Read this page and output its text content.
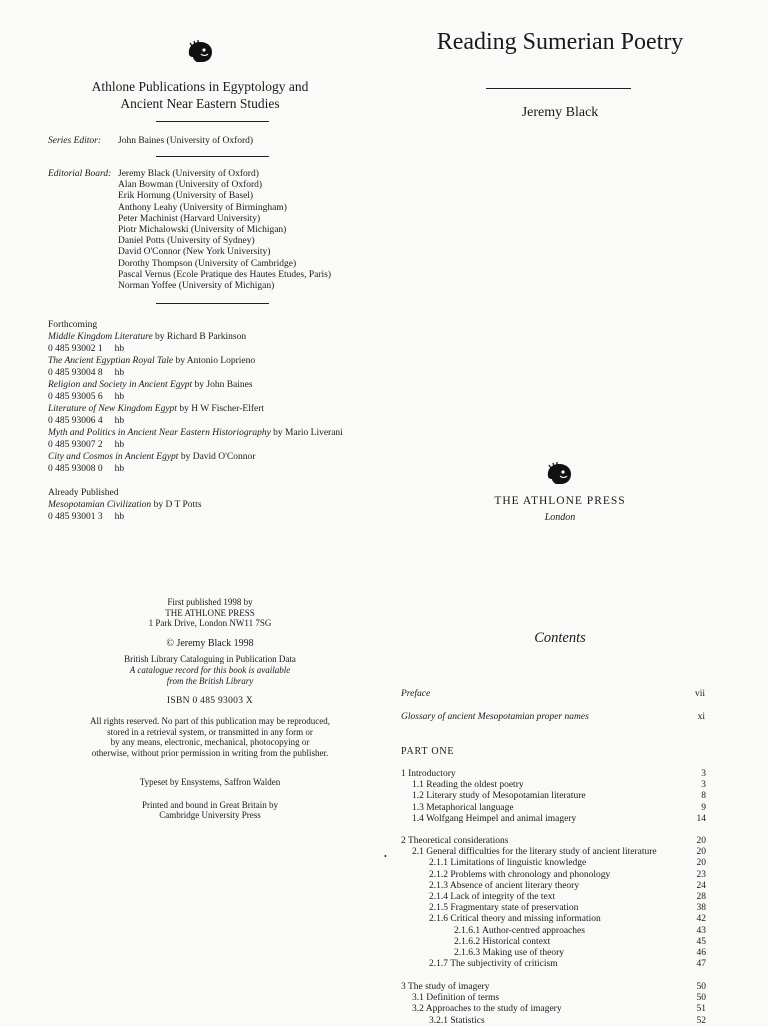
Athlone Publications in Egyptology and
Ancient Near Eastern Studies
Series Editor: John Baines (University of Oxford)
Editorial Board: Jeremy Black (University of Oxford)
Alan Bowman (University of Oxford)
Erik Hornung (University of Basel)
Anthony Leahy (University of Birmingham)
Peter Machinist (Harvard University)
Piotr Michalowski (University of Michigan)
Daniel Potts (University of Sydney)
David O'Connor (New York University)
Dorothy Thompson (University of Cambridge)
Pascal Vernus (Ecole Pratique des Hautes Etudes, Paris)
Norman Yoffee (University of Michigan)
Forthcoming
Middle Kingdom Literature by Richard B Parkinson
0 485 93002 1 hb
The Ancient Egyptian Royal Tale by Antonio Loprieno
0 485 93004 8 hb
Religion and Society in Ancient Egypt by John Baines
0 485 93005 6 hb
Literature of New Kingdom Egypt by H W Fischer-Elfert
0 485 93006 4 hb
Myth and Politics in Ancient Near Eastern Historiography by Mario Liverani
0 485 93007 2 hb
City and Cosmos in Ancient Egypt by David O'Connor
0 485 93008 0 hb
Already Published
Mesopotamian Civilization by D T Potts
0 485 93001 3 hb
First published 1998 by
THE ATHLONE PRESS
1 Park Drive, London NW11 7SG
© Jeremy Black 1998
British Library Cataloguing in Publication Data
A catalogue record for this book is available
from the British Library
ISBN 0 485 93003 X
All rights reserved. No part of this publication may be reproduced,
stored in a retrieval system, or transmitted in any form or
by any means, electronic, mechanical, photocopying or
otherwise, without prior permission in writing from the publisher.
Typeset by Ensystems, Saffron Walden
Printed and bound in Great Britain by
Cambridge University Press
Reading Sumerian Poetry
Jeremy Black
THE ATHLONE PRESS
London
Contents
Preface	vii
Glossary of ancient Mesopotamian proper names	xi
PART ONE
1 Introductory	3
1.1 Reading the oldest poetry	3
1.2 Literary study of Mesopotamian literature	8
1.3 Metaphorical language	9
1.4 Wolfgang Heimpel and animal imagery	14
•
2 Theoretical considerations	20
2.1 General difficulties for the literary study of ancient literature	20
2.1.1 Limitations of linguistic knowledge	20
2.1.2 Problems with chronology and phonology	23
2.1.3 Absence of ancient literary theory	24
2.1.4 Lack of integrity of the text	28
2.1.5 Fragmentary state of preservation	38
2.1.6 Critical theory and missing information	42
2.1.6.1 Author-centred approaches	43
2.1.6.2 Historical context	45
2.1.6.3 Making use of theory	46
2.1.7 The subjectivity of criticism	47
3 The study of imagery	50
3.1 Definition of terms	50
3.2 Approaches to the study of imagery	51
3.2.1 Statistics	52
